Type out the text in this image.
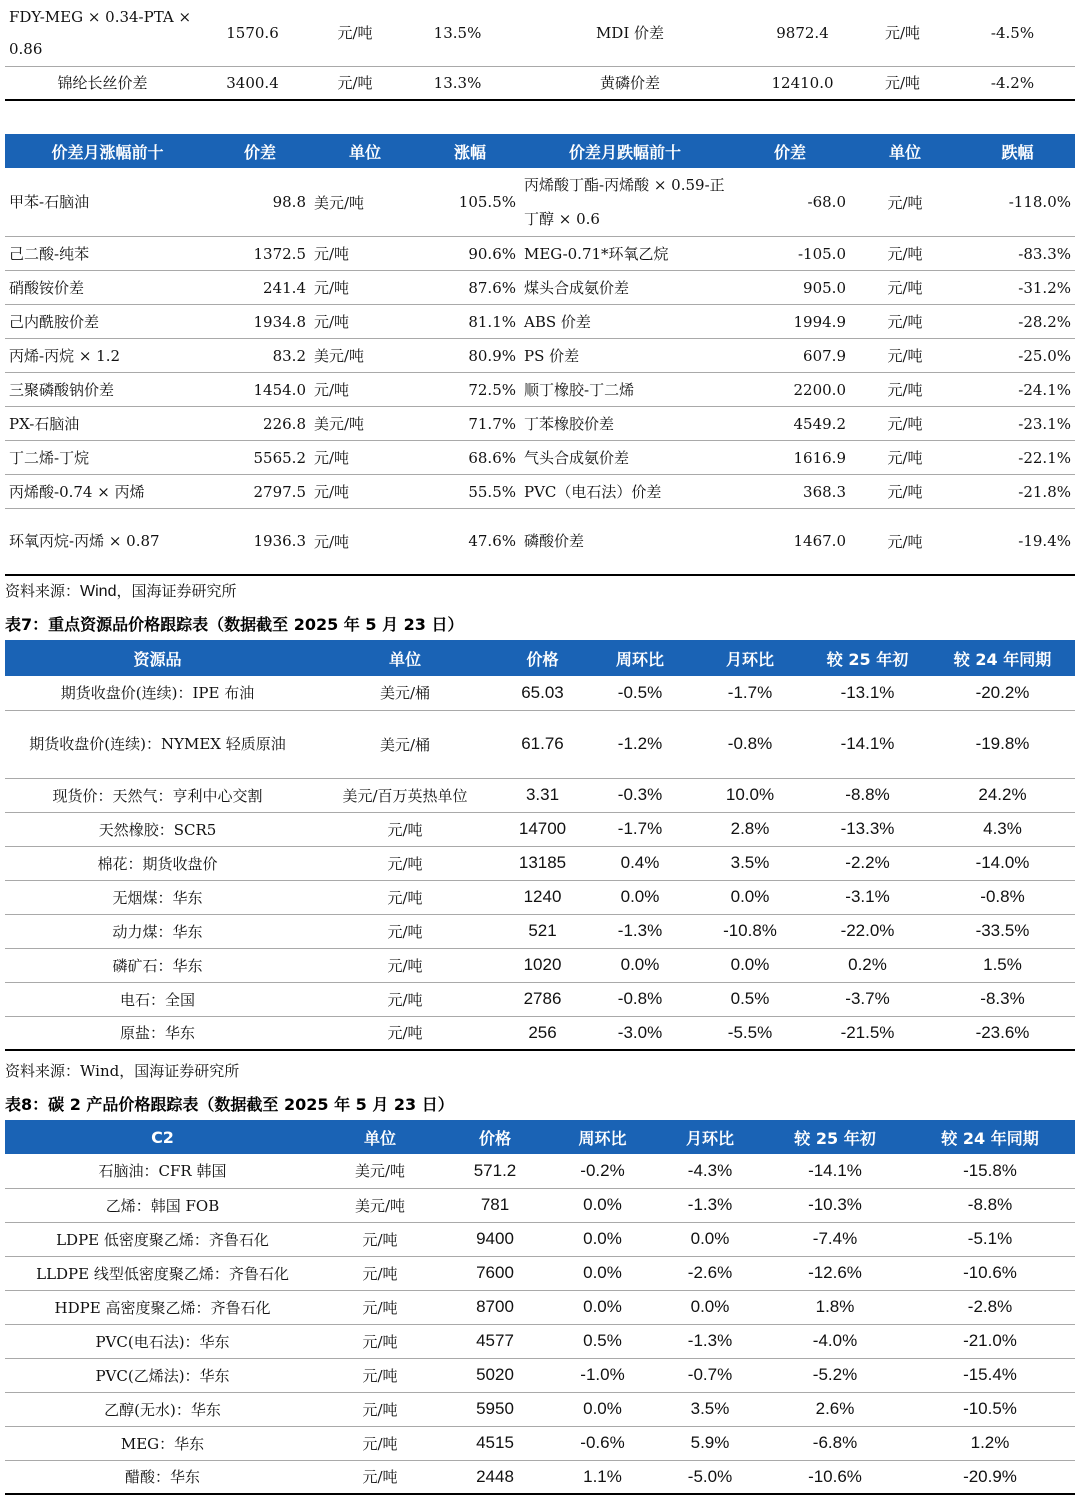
FDY-MEG × 0.34-PTA × 0.86	1570.6	元/吨	13.5%	MDI 价差	9872.4	元/吨	-4.5%
锦纶长丝价差	3400.4	元/吨	13.3%	黄磷价差	12410.0	元/吨	-4.2%
价差月涨幅前十	价差	单位	涨幅	价差月跌幅前十	价差	单位	跌幅
甲苯-石脑油	98.8	美元/吨	105.5%	丙烯酸丁酯-丙烯酸 × 0.59-正丁醇 × 0.6	-68.0	元/吨	-118.0%
己二酸-纯苯	1372.5	元/吨	90.6%	MEG-0.71*环氧乙烷	-105.0	元/吨	-83.3%
硝酸铵价差	241.4	元/吨	87.6%	煤头合成氨价差	905.0	元/吨	-31.2%
己内酰胺价差	1934.8	元/吨	81.1%	ABS 价差	1994.9	元/吨	-28.2%
丙烯-丙烷 × 1.2	83.2	美元/吨	80.9%	PS 价差	607.9	元/吨	-25.0%
三聚磷酸钠价差	1454.0	元/吨	72.5%	顺丁橡胶-丁二烯	2200.0	元/吨	-24.1%
PX-石脑油	226.8	美元/吨	71.7%	丁苯橡胶价差	4549.2	元/吨	-23.1%
丁二烯-丁烷	5565.2	元/吨	68.6%	气头合成氨价差	1616.9	元/吨	-22.1%
丙烯酸-0.74 × 丙烯	2797.5	元/吨	55.5%	PVC（电石法）价差	368.3	元/吨	-21.8%
环氧丙烷-丙烯 × 0.87	1936.3	元/吨	47.6%	磷酸价差	1467.0	元/吨	-19.4%
资料来源：Wind，国海证券研究所
表7：重点资源品价格跟踪表（数据截至 2025 年 5 月 23 日）
资源品	单位	价格	周环比	月环比	较 25 年初	较 24 年同期
期货收盘价(连续)：IPE 布油	美元/桶	65.03	-0.5%	-1.7%	-13.1%	-20.2%
期货收盘价(连续)：NYMEX 轻质原油	美元/桶	61.76	-1.2%	-0.8%	-14.1%	-19.8%
现货价：天然气：亨利中心交割	美元/百万英热单位	3.31	-0.3%	10.0%	-8.8%	24.2%
天然橡胶：SCR5	元/吨	14700	-1.7%	2.8%	-13.3%	4.3%
棉花：期货收盘价	元/吨	13185	0.4%	3.5%	-2.2%	-14.0%
无烟煤：华东	元/吨	1240	0.0%	0.0%	-3.1%	-0.8%
动力煤：华东	元/吨	521	-1.3%	-10.8%	-22.0%	-33.5%
磷矿石：华东	元/吨	1020	0.0%	0.0%	0.2%	1.5%
电石：全国	元/吨	2786	-0.8%	0.5%	-3.7%	-8.3%
原盐：华东	元/吨	256	-3.0%	-5.5%	-21.5%	-23.6%
资料来源：Wind，国海证券研究所
表8：碳 2 产品价格跟踪表（数据截至 2025 年 5 月 23 日）
C2	单位	价格	周环比	月环比	较 25 年初	较 24 年同期
石脑油：CFR 韩国	美元/吨	571.2	-0.2%	-4.3%	-14.1%	-15.8%
乙烯：韩国 FOB	美元/吨	781	0.0%	-1.3%	-10.3%	-8.8%
LDPE 低密度聚乙烯：齐鲁石化	元/吨	9400	0.0%	0.0%	-7.4%	-5.1%
LLDPE 线型低密度聚乙烯：齐鲁石化	元/吨	7600	0.0%	-2.6%	-12.6%	-10.6%
HDPE 高密度聚乙烯：齐鲁石化	元/吨	8700	0.0%	0.0%	1.8%	-2.8%
PVC(电石法)：华东	元/吨	4577	0.5%	-1.3%	-4.0%	-21.0%
PVC(乙烯法)：华东	元/吨	5020	-1.0%	-0.7%	-5.2%	-15.4%
乙醇(无水)：华东	元/吨	5950	0.0%	3.5%	2.6%	-10.5%
MEG：华东	元/吨	4515	-0.6%	5.9%	-6.8%	1.2%
醋酸：华东	元/吨	2448	1.1%	-5.0%	-10.6%	-20.9%
